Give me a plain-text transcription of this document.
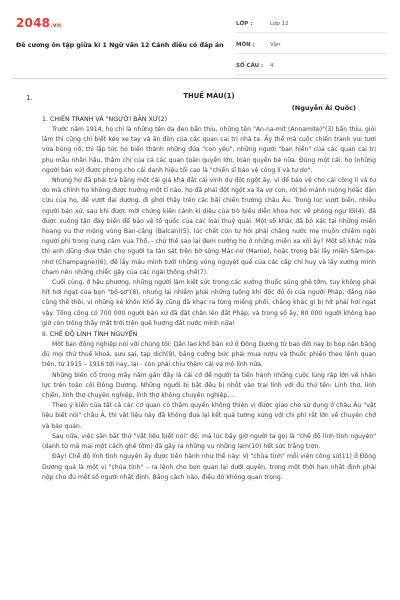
2048.vn
Đề cương ôn tập giữa kì 1 Ngữ văn 12 Cánh diều có đáp án
LỚP :	Lớp 12
MÔN :	Văn
SỐ CÂU : 4
1.	THUẾ MÁU(1)

(Nguyễn Ái Quốc)

1. CHIẾN TRANH VÀ "NGƯỜI BẢN XỨ(2)

Trước năm 1914, họ chỉ là những tên da đen bẩn thỉu, những tên "An-na-mít (Annamite)"(3) bẩn thỉu, giỏi lắm thì cũng chỉ biết kéo xe tay và ăn đòn của các quan cai trị nhà ta. Ấy thế mà cuộc chiến tranh vui tươi vừa bùng nổ, thì lập tức họ biến thành những đứa "con yêu", những người "bạn hiền" của các quan cai trị phụ mẫu nhân hậu, thậm chí của cả các quan toàn quyền lớn, toàn quyền bé nữa. Đùng một cái, họ (những người bản xứ) được phong cho cái danh hiệu tối cao là "chiến sĩ bảo vệ công lí và tự do".

Nhưng họ đã phải trả bằng một cái giá khá đắt cái vinh dự đột ngột ấy, vì để bảo vệ cho cái công lí và tự do mà chính họ không được hưởng một tí nào, họ đã phải đột ngột xa lìa vợ con, rời bỏ mảnh ruộng hoặc đàn cừu của họ, để vượt đại dương, đi phơi thây trên các bãi chiến trường châu Âu. Trong lúc vượt biển, nhiều người bản xứ, sau khi được mời chứng kiến cảnh kì diệu của trò biểu diễn khoa học về phóng ngư lôi(4), đã được xuống tận đáy biển để bảo vệ tổ quốc của các loài thuỷ quái. Một số khác đã bỏ xác tại những miền hoang vu thơ mộng vùng Ban-căng (Balcan)(5), lúc chết còn tự hỏi phải chăng nước mẹ muốn chiếm ngôi người phi trong cung cấm vua Thổ, - chứ thế sao lại đem nướng họ ở những miền xa xôi ấy? Một số khác nữa thì anh dũng đưa thân cho người ta tàn sát trên bờ sông Mác-nơ (Marne), hoặc trong bãi lầy miền Săm-pa-nhơ (Champagne)(6), để lấy máu mình tưới những vòng nguyệt quế của các cấp chỉ huy và lấy xương mình chạm nên những chiếc gậy của các ngài thống chế(7).

Cuối cùng, ở hậu phương, những người làm kiệt sức trong các xưởng thuốc súng ghê tởm, tuy không phải hít hơi ngạt của bọn "bô-sơ"(8), nhưng lại nhiễm phải những luồng khí độc đỏ ối của người Pháp; đằng nào cũng thế thôi, vì những kẻ khốn khổ ấy cũng đã khạc ra từng miếng phổi, chẳng khác gì bị hít phải hơi ngạt vậy. Tổng cộng có 700 000 người bản xứ đã đặt chân lên đất Pháp; và trong số ấy, 80 000 người không bao giờ còn trông thấy mặt trời trên quê hương đất nước mình nữa!

II. CHẾ ĐỘ LÍNH TÌNH NGUYỆN

Một bạn đồng nghiệp nói với chúng tôi: Dân lao khổ bản xứ ở Đông Dương từ bao đời nay bị bóp nặn bằng đủ mọi thứ thuế khoá, sưu sai, tạp dịch(9), bằng cưỡng bức phải mua rượu và thuốc phiện theo lệnh quan trên, từ 1915 – 1916 tới nay, lại - còn phải chịu thêm cái vạ mộ lính nữa.

Những biến cố trong mấy năm gần đây là cái cớ để người ta tiến hành những cuộc lùng ráp lớn về nhân lực trên toàn cõi Đông Dương. Những người bị bắt đều bị nhốt vào trại lính với đủ thứ tên: Lính thợ, lính chiến, lính thợ chuyên nghiệp, lính thợ không chuyên nghiệp,...

Theo ý kiến của tất cả các cơ quan có thẩm quyền không thiên vị được giao cho sử dụng ở châu Âu "vật liệu biết nói" châu Á, thì vật liệu này đã không đưa lại kết quả tương xứng với chi phí rất lớn về chuyên chở và bảo quản.

Sau nữa, việc săn bắt thứ "vật liệu biết nói" đó, mà lúc bấy giờ người ta gọi là "chế độ lính tình nguyện" (danh từ mà mai một cách ghê tởm) đã gây ra những vụ những lạm(10) hết sức trắng trợn.

Đây! Chế độ lính tình nguyện ấy được tiến hành như thế này: Vị "chúa tỉnh" mỗi viên công sứ(11) ở Đông Dương quả là một vị "chúa tỉnh" – ra lệnh cho bọn quan lại dưới quyền, trong một thời hạn nhất định phải nộp cho đủ một số người nhất định. Bằng cách nào, điều đó không quan trọng.
